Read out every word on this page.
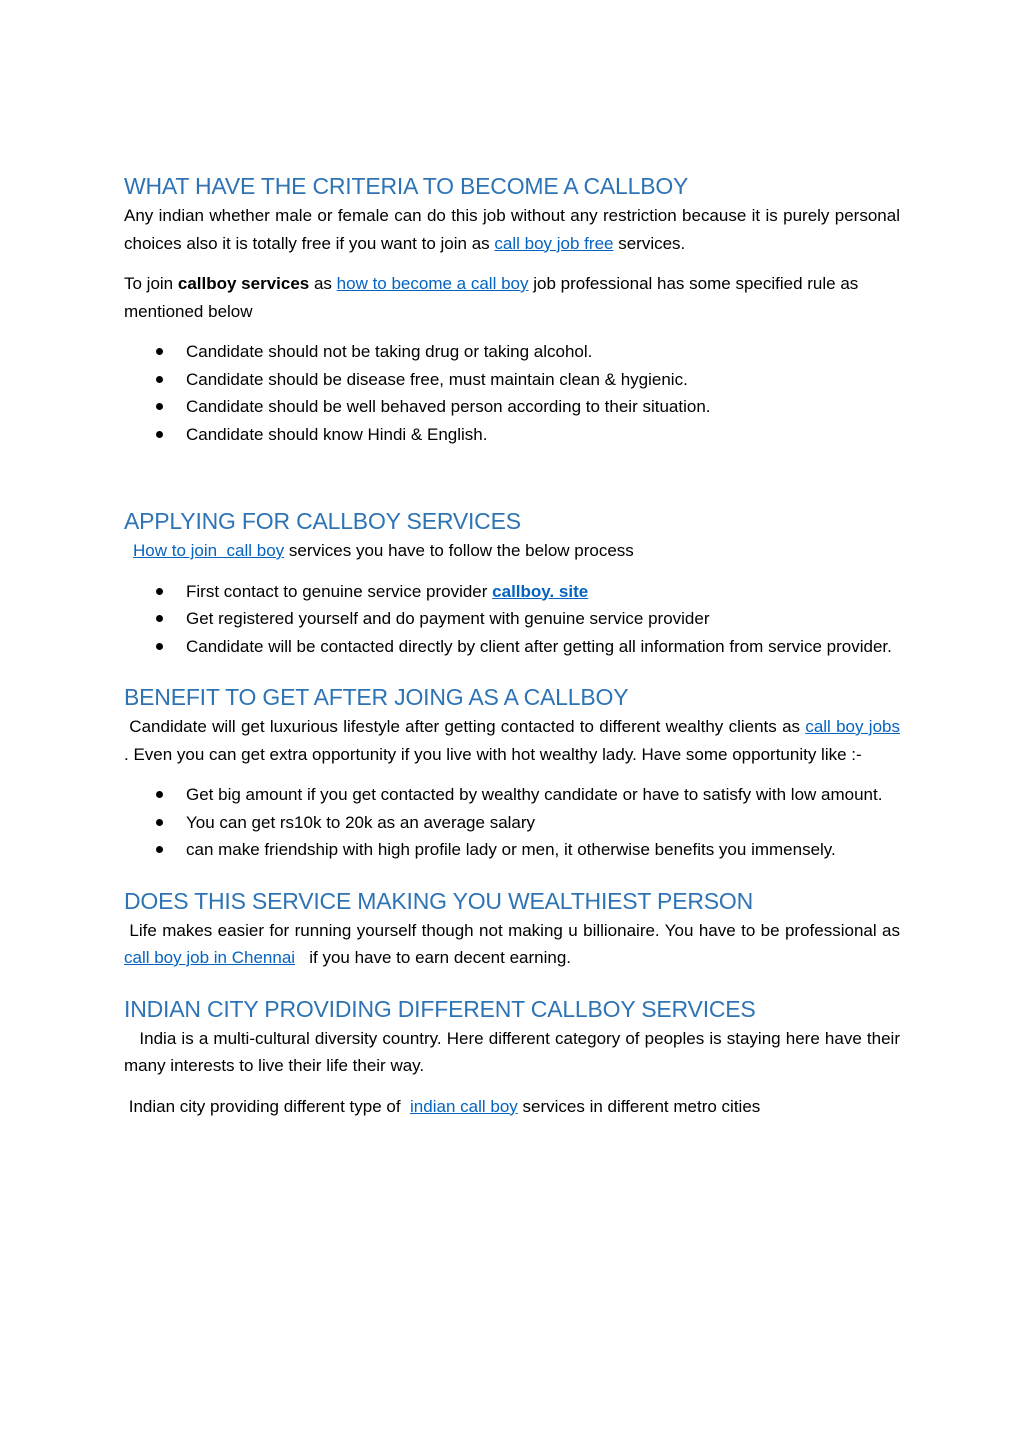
WHAT HAVE THE CRITERIA TO BECOME A CALLBOY

Any indian whether male or female can do this job without any restriction because it is purely personal choices also it is totally free if you want to join as call boy job free services.

To join callboy services as how to become a call boy job professional has some specified rule as mentioned below

Candidate should not be taking drug or taking alcohol.
Candidate should be disease free, must maintain clean & hygienic.
Candidate should be well behaved person according to their situation.
Candidate should know Hindi & English.
APPLYING FOR CALLBOY SERVICES

How to join  call boy services you have to follow the below process

First contact to genuine service provider callboy. site
Get registered yourself and do payment with genuine service provider
Candidate will be contacted directly by client after getting all information from service provider.
BENEFIT TO GET AFTER JOING AS A CALLBOY

Candidate will get luxurious lifestyle after getting contacted to different wealthy clients as call boy jobs . Even you can get extra opportunity if you live with hot wealthy lady. Have some opportunity like :-

Get big amount if you get contacted by wealthy candidate or have to satisfy with low amount.
You can get rs10k to 20k as an average salary
can make friendship with high profile lady or men, it otherwise benefits you immensely.
DOES THIS SERVICE MAKING YOU WEALTHIEST PERSON

Life makes easier for running yourself though not making u billionaire. You have to be professional as call boy job in Chennai   if you have to earn decent earning.

INDIAN CITY PROVIDING DIFFERENT CALLBOY SERVICES

India is a multi-cultural diversity country. Here different category of peoples is staying here have their many interests to live their life their way.

Indian city providing different type of  indian call boy services in different metro cities
